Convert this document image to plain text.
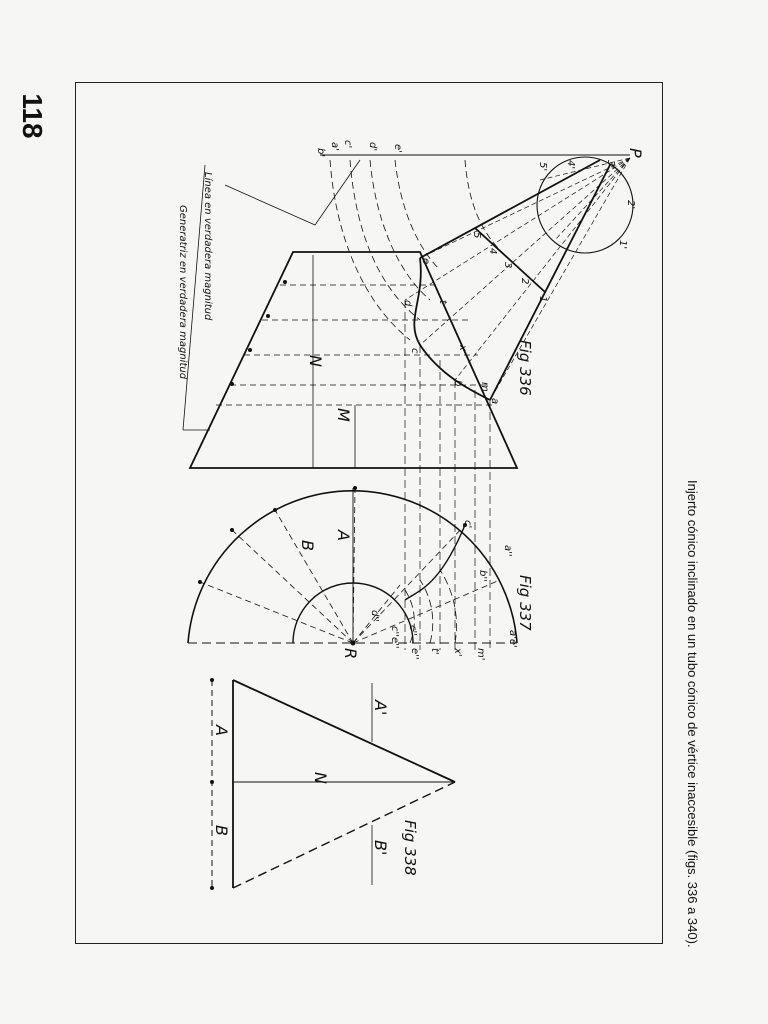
118
Injerto cónico inclinado en un tubo cónico de vértice inaccesible (figs. 336 a 340).
Línea en verdadera magnitud
Generatriz en verdadera magnitud	Fig 336
Fig 337
Fig 338
P
N
M
a
b
c
d
e
1
2
3
4
5
1'
2'
3'
4'
5'
a'
b'
c' d' e'
m
x
t
R
A
B	a''
b''
c''
d''
e''
c'
x'
t'	m'
a'e'
c''e''
A
B
N
A'
B'
